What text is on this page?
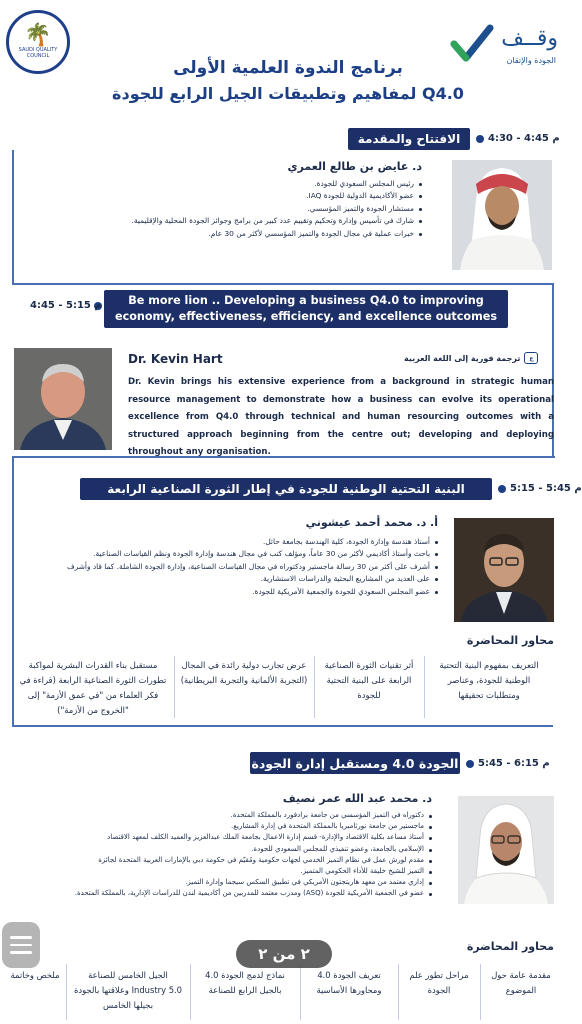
🌴
SAUDI QUALITY COUNCIL
وقــف
الجودة والإتقان
برنامج الندوة العلمية الأولى
لمفاهيم وتطبيقات الجيل الرابع للجودة Q4.0
الافتتاح والمقدمة	4:30 - 4:45 م
د. عايض بن طالع العمري
رئيس المجلس السعودي للجودة.
عضو الأكاديمية الدولية للجودة IAQ.
مستشار الجودة والتميز المؤسسي.
شارك في تأسيس وإدارة وتحكيم وتقييم عدد كبير من برامج وجوائز الجودة المحلية والإقليمية.
خبرات عملية في مجال الجودة والتميز المؤسسي لأكثر من 30 عام.
4:45 - 5:15 م	Be more lion .. Developing a business Q4.0 to improving economy, effectiveness, efficiency, and excellence outcomes
Dr. Kevin Hart	ترجمة فورية إلى اللغة العربية	ع
Dr. Kevin brings his extensive experience from a background in strategic human resource management to demonstrate how a business can evolve its operational excellence from Q4.0 through technical and human resourcing outcomes with a structured approach beginning from the centre out; developing and deploying throughout any organisation.
البنية التحتية الوطنية للجودة في إطار الثورة الصناعية الرابعة	5:15 - 5:45 م
أ. د. محمد أحمد عيشوني
أستاذ هندسة وإدارة الجودة، كلية الهندسة بجامعة حائل.
باحث وأستاذ أكاديمي لأكثر من 30 عاماً، ومؤلف كتب في مجال هندسة وإدارة الجودة ونظم القياسات الصناعية.
أشرف على أكثر من 30 رسالة ماجستير ودكتوراه في مجال القياسات الصناعية، وإدارة الجودة الشاملة. كما قاد وأشرف
على العديد من المشاريع البحثية والدراسات الاستشارية.
عضو المجلس السعودي للجودة والجمعية الأمريكية للجودة.
محاور المحاضرة
التعريف بمفهوم البنية التحتية الوطنية للجودة، وعناصر ومتطلبات تحقيقها
أثر تقنيات الثورة الصناعية الرابعة على البنية التحتية للجودة
عرض تجارب دولية رائدة في المجال (التجربة الألمانية والتجربة البريطانية)
مستقبل بناء القدرات البشرية لمواكبة تطورات الثورة الصناعية الرابعة (قراءة في فكر العلماء من "في عمق الأزمة" إلى "الخروج من الأزمة")
5:45 - 6:15 م
الجودة 4.0 ومستقبل إدارة الجودة
د. محمد عبد الله عمر نصيف
دكتوراه في التميز المؤسسي من جامعة برادفورد بالمملكة المتحدة.
ماجستير من جامعة نورثامبريا بالمملكة المتحدة في إدارة المشاريع.
أستاذ مساعد بكلية الاقتصاد والإدارة- قسم إدارة الاعمال بجامعة الملك عبدالعزيز والعميد الكلف لمعهد الاقتصاد
الإسلامي بالجامعة، وعضو تنفيذي للمجلس السعودي للجودة.
مقدم لورش عمل في نظام التميز الخدمي لجهات حكومية ومُقيّم في حكومة دبي بالإمارات العربية المتحدة لجائزة
التميز للشيخ خليفة للأداء الحكومي المتميز.
إداري معتمد من معهد هاريتجتون الأمريكي في تطبيق السكس سيجما وإدارة التميز.
عضو في الجمعية الأمريكية للجودة (ASQ) ومدرب معتمد للمدربين من أكاديمية لندن للدراسات الإدارية، بالمملكة المتحدة.
محاور المحاضرة
مقدمة عامة حول الموضوع
مراحل تطور علم الجودة
تعريف الجودة 4.0 ومحاورها الأساسية
نماذج لدمج الجودة 4.0 بالجيل الرابع للصناعة
الجيل الخامس للصناعة Industry 5.0 وعلاقتها بالجودة بجيلها الخامس
ملخص وخاتمة
٢ من ٢
